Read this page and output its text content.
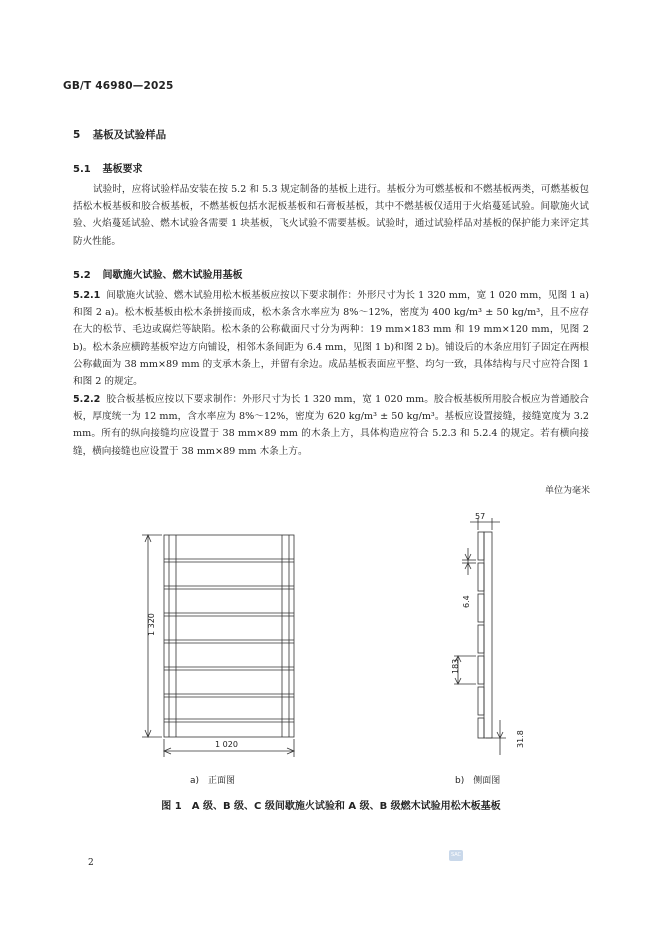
GB/T 46980—2025
5 基板及试验样品
5.1 基板要求
试验时，应将试验样品安装在按 5.2 和 5.3 规定制备的基板上进行。基板分为可燃基板和不燃基板两类，可燃基板包括松木板基板和胶合板基板，不燃基板包括水泥板基板和石膏板基板，其中不燃基板仅适用于火焰蔓延试验。间歇施火试验、火焰蔓延试验、燃木试验各需要 1 块基板，飞火试验不需要基板。试验时，通过试验样品对基板的保护能力来评定其防火性能。
5.2 间歇施火试验、燃木试验用基板
5.2.1 间歇施火试验、燃木试验用松木板基板应按以下要求制作：外形尺寸为长 1 320 mm，宽 1 020 mm，见图 1 a)和图 2 a)。松木板基板由松木条拼接而成，松木条含水率应为 8%～12%，密度为 400 kg/m³ ± 50 kg/m³，且不应存在大的松节、毛边或腐烂等缺陷。松木条的公称截面尺寸分为两种：19 mm×183 mm 和 19 mm×120 mm，见图 2 b)。松木条应横跨基板窄边方向铺设，相邻木条间距为 6.4 mm，见图 1 b)和图 2 b)。铺设后的木条应用钉子固定在两根公称截面为 38 mm×89 mm 的支承木条上，并留有余边。成品基板表面应平整、均匀一致，具体结构与尺寸应符合图 1 和图 2 的规定。
5.2.2 胶合板基板应按以下要求制作：外形尺寸为长 1 320 mm，宽 1 020 mm。胶合板基板所用胶合板应为普通胶合板，厚度统一为 12 mm，含水率应为 8%～12%，密度为 620 kg/m³ ± 50 kg/m³。基板应设置接缝，接缝宽度为 3.2 mm。所有的纵向接缝均应设置于 38 mm×89 mm 的木条上方，具体构造应符合 5.2.3 和 5.2.4 的规定。若有横向接缝，横向接缝也应设置于 38 mm×89 mm 木条上方。
单位为毫米
1 320
1 020
57
6.4
183
31.8
a)　正面图	b)　侧面图
图 1　A 级、B 级、C 级间歇施火试验和 A 级、B 级燃木试验用松木板基板
2
SAC
